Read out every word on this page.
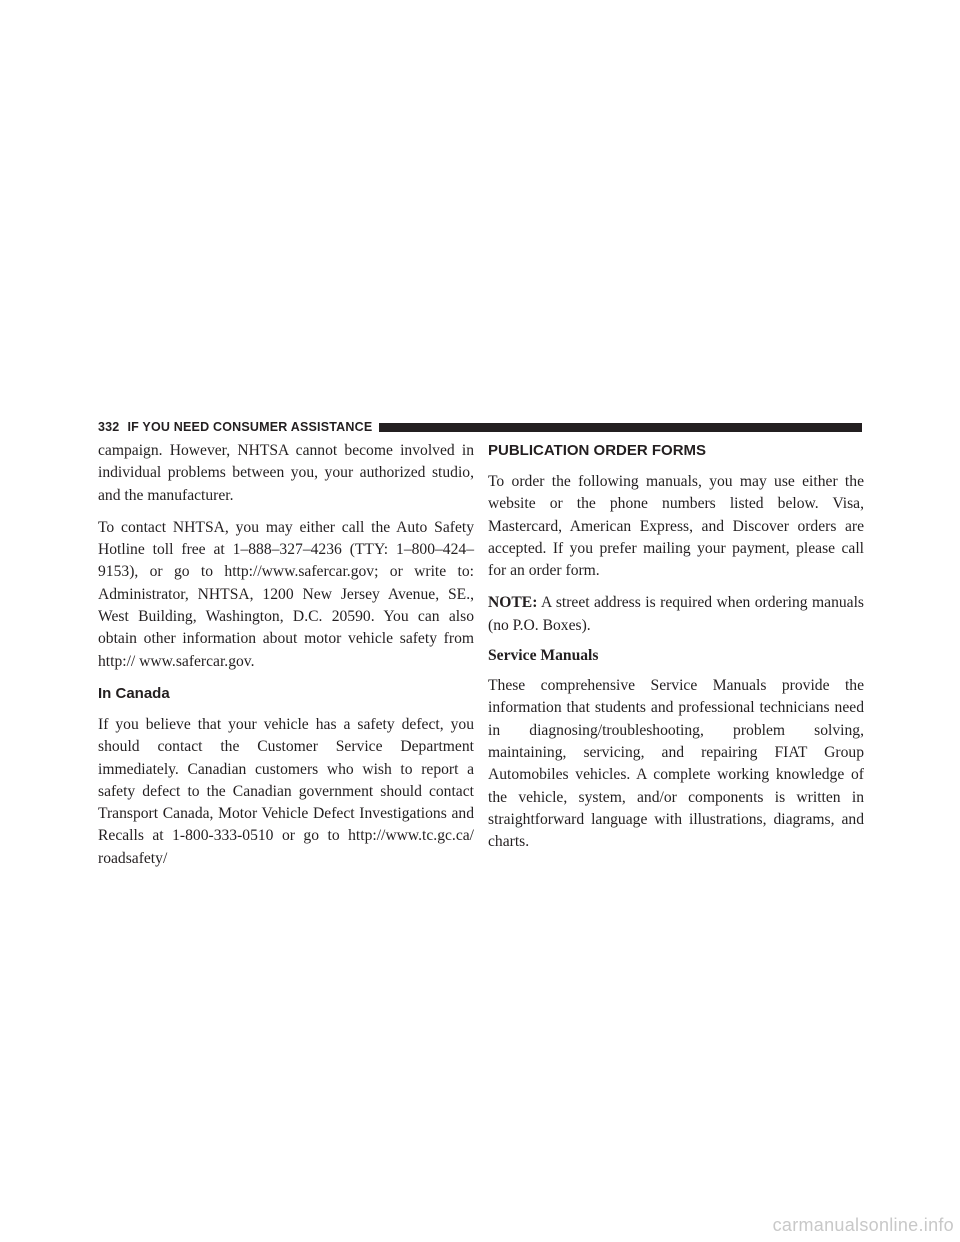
332 IF YOU NEED CONSUMER ASSISTANCE

campaign. However, NHTSA cannot become involved in individual problems between you, your authorized studio, and the manufacturer.

To contact NHTSA, you may either call the Auto Safety Hotline toll free at 1–888–327–4236 (TTY: 1–800–424– 9153), or go to http://www.safercar.gov; or write to: Administrator, NHTSA, 1200 New Jersey Avenue, SE., West Building, Washington, D.C. 20590. You can also obtain other information about motor vehicle safety from http:// www.safercar.gov.

In Canada

If you believe that your vehicle has a safety defect, you should contact the Customer Service Department immediately. Canadian customers who wish to report a safety defect to the Canadian government should contact Transport Canada, Motor Vehicle Defect Investigations and Recalls at 1-800-333-0510 or go to http://www.tc.gc.ca/ roadsafety/

PUBLICATION ORDER FORMS

To order the following manuals, you may use either the website or the phone numbers listed below. Visa, Mastercard, American Express, and Discover orders are accepted. If you prefer mailing your payment, please call for an order form.

NOTE: A street address is required when ordering manuals (no P.O. Boxes).

Service Manuals

These comprehensive Service Manuals provide the information that students and professional technicians need in diagnosing/troubleshooting, problem solving, maintaining, servicing, and repairing FIAT Group Automobiles vehicles. A complete working knowledge of the vehicle, system, and/or components is written in straightforward language with illustrations, diagrams, and charts.

carmanualsonline.info
